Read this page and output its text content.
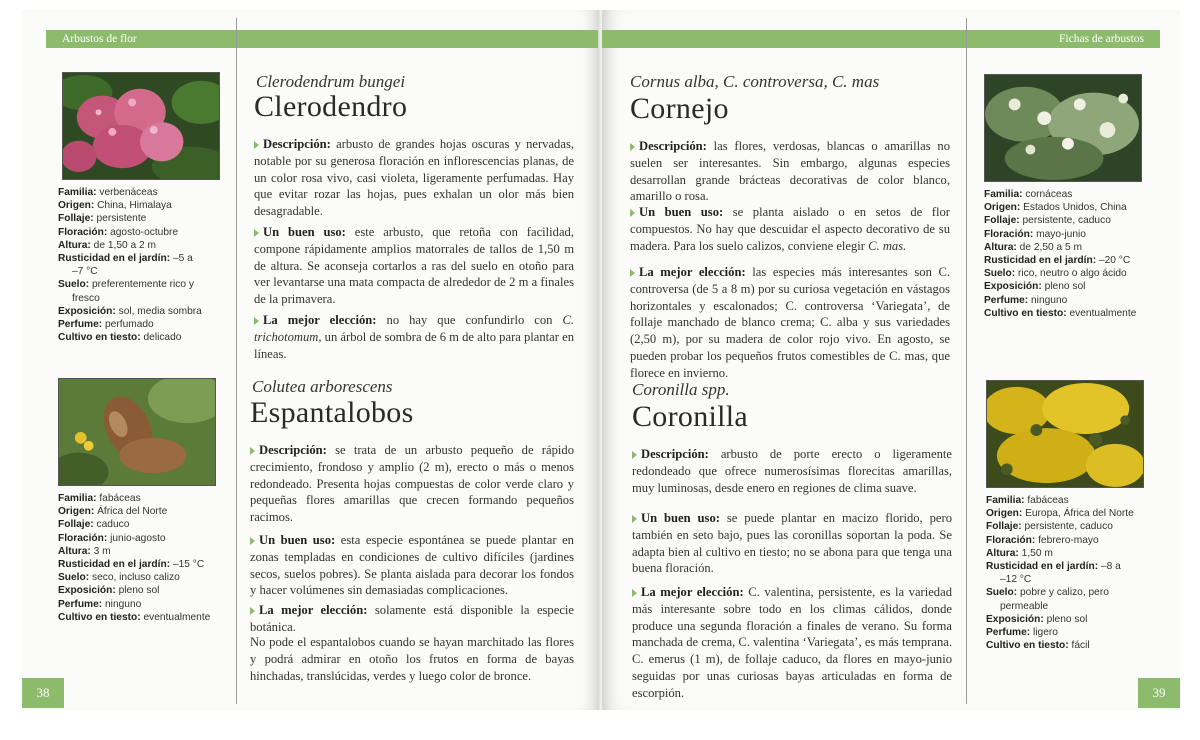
Arbustos de flor
Familia: verbenáceas
Origen: China, Himalaya
Follaje: persistente
Floración: agosto-octubre
Altura: de 1,50 a 2 m
Rusticidad en el jardín: –5 a
–7 °C
Suelo: preferentemente rico y
fresco
Exposición: sol, media sombra
Perfume: perfumado
Cultivo en tiesto: delicado
Familia: fabáceas
Origen: África del Norte
Follaje: caduco
Floración: junio-agosto
Altura: 3 m
Rusticidad en el jardín: –15 °C
Suelo: seco, incluso calizo
Exposición: pleno sol
Perfume: ninguno
Cultivo en tiesto: eventualmente
Clerodendrum bungei
Clerodendro
Descripción: arbusto de grandes hojas oscuras y nervadas, notable por su generosa floración en inflorescencias planas, de un color rosa vivo, casi violeta, ligeramente perfumadas. Hay que evitar rozar las hojas, pues exhalan un olor más bien desagradable.
Un buen uso: este arbusto, que retoña con facilidad, compone rápidamente amplios matorrales de tallos de 1,50 m de altura. Se aconseja cortarlos a ras del suelo en otoño para ver levantarse una mata compacta de alrededor de 2 m a finales de la primavera.
La mejor elección: no hay que confundirlo con C. trichotomum, un árbol de sombra de 6 m de alto para plantar en líneas.
Colutea arborescens
Espantalobos
Descripción: se trata de un arbusto pequeño de rápido crecimiento, frondoso y amplio (2 m), erecto o más o menos redondeado. Presenta hojas compuestas de color verde claro y pequeñas flores amarillas que crecen formando pequeños racimos.
Un buen uso: esta especie espontánea se puede plantar en zonas templadas en condiciones de cultivo difíciles (jardines secos, suelos pobres). Se planta aislada para decorar los fondos y hacer volúmenes sin demasiadas complicaciones.
La mejor elección: solamente está disponible la especie botánica.
No pode el espantalobos cuando se hayan marchitado las flores y podrá admirar en otoño los frutos en forma de bayas hinchadas, translúcidas, verdes y luego color de bronce.
38
Fichas de arbustos
Cornus alba, C. controversa, C. mas
Cornejo
Descripción: las flores, verdosas, blancas o amarillas no suelen ser interesantes. Sin embargo, algunas especies desarrollan grande brácteas decorativas de color blanco, amarillo o rosa.
Un buen uso: se planta aislado o en setos de flor compuestos. No hay que descuidar el aspecto decorativo de su madera. Para los suelo calizos, conviene elegir C. mas.
La mejor elección: las especies más interesantes son C. controversa (de 5 a 8 m) por su curiosa vegetación en vástagos horizontales y escalonados; C. controversa ‘Variegata’, de follaje manchado de blanco crema; C. alba y sus variedades (2,50 m), por su madera de color rojo vivo. En agosto, se pueden probar los pequeños frutos comestibles de C. mas, que florece en invierno.
Coronilla spp.
Coronilla
Descripción: arbusto de porte erecto o ligeramente redondeado que ofrece numerosísimas florecitas amarillas, muy luminosas, desde enero en regiones de clima suave.
Un buen uso: se puede plantar en macizo florido, pero también en seto bajo, pues las coronillas soportan la poda. Se adapta bien al cultivo en tiesto; no se abona para que tenga una buena floración.
La mejor elección: C. valentina, persistente, es la variedad más interesante sobre todo en los climas cálidos, donde produce una segunda floración a finales de verano. Su forma manchada de crema, C. valentina ‘Variegata’, es más temprana. C. emerus (1 m), de follaje caduco, da flores en mayo-junio seguidas por unas curiosas bayas articuladas en forma de escorpión.
Familia: cornáceas
Origen: Estados Unidos, China
Follaje: persistente, caduco
Floración: mayo-junio
Altura: de 2,50 a 5 m
Rusticidad en el jardín: –20 °C
Suelo: rico, neutro o algo ácido
Exposición: pleno sol
Perfume: ninguno
Cultivo en tiesto: eventualmente
Familia: fabáceas
Origen: Europa, África del Norte
Follaje: persistente, caduco
Floración: febrero-mayo
Altura: 1,50 m
Rusticidad en el jardín: –8 a
–12 °C
Suelo: pobre y calizo, pero
permeable
Exposición: pleno sol
Perfume: ligero
Cultivo en tiesto: fácil
39
